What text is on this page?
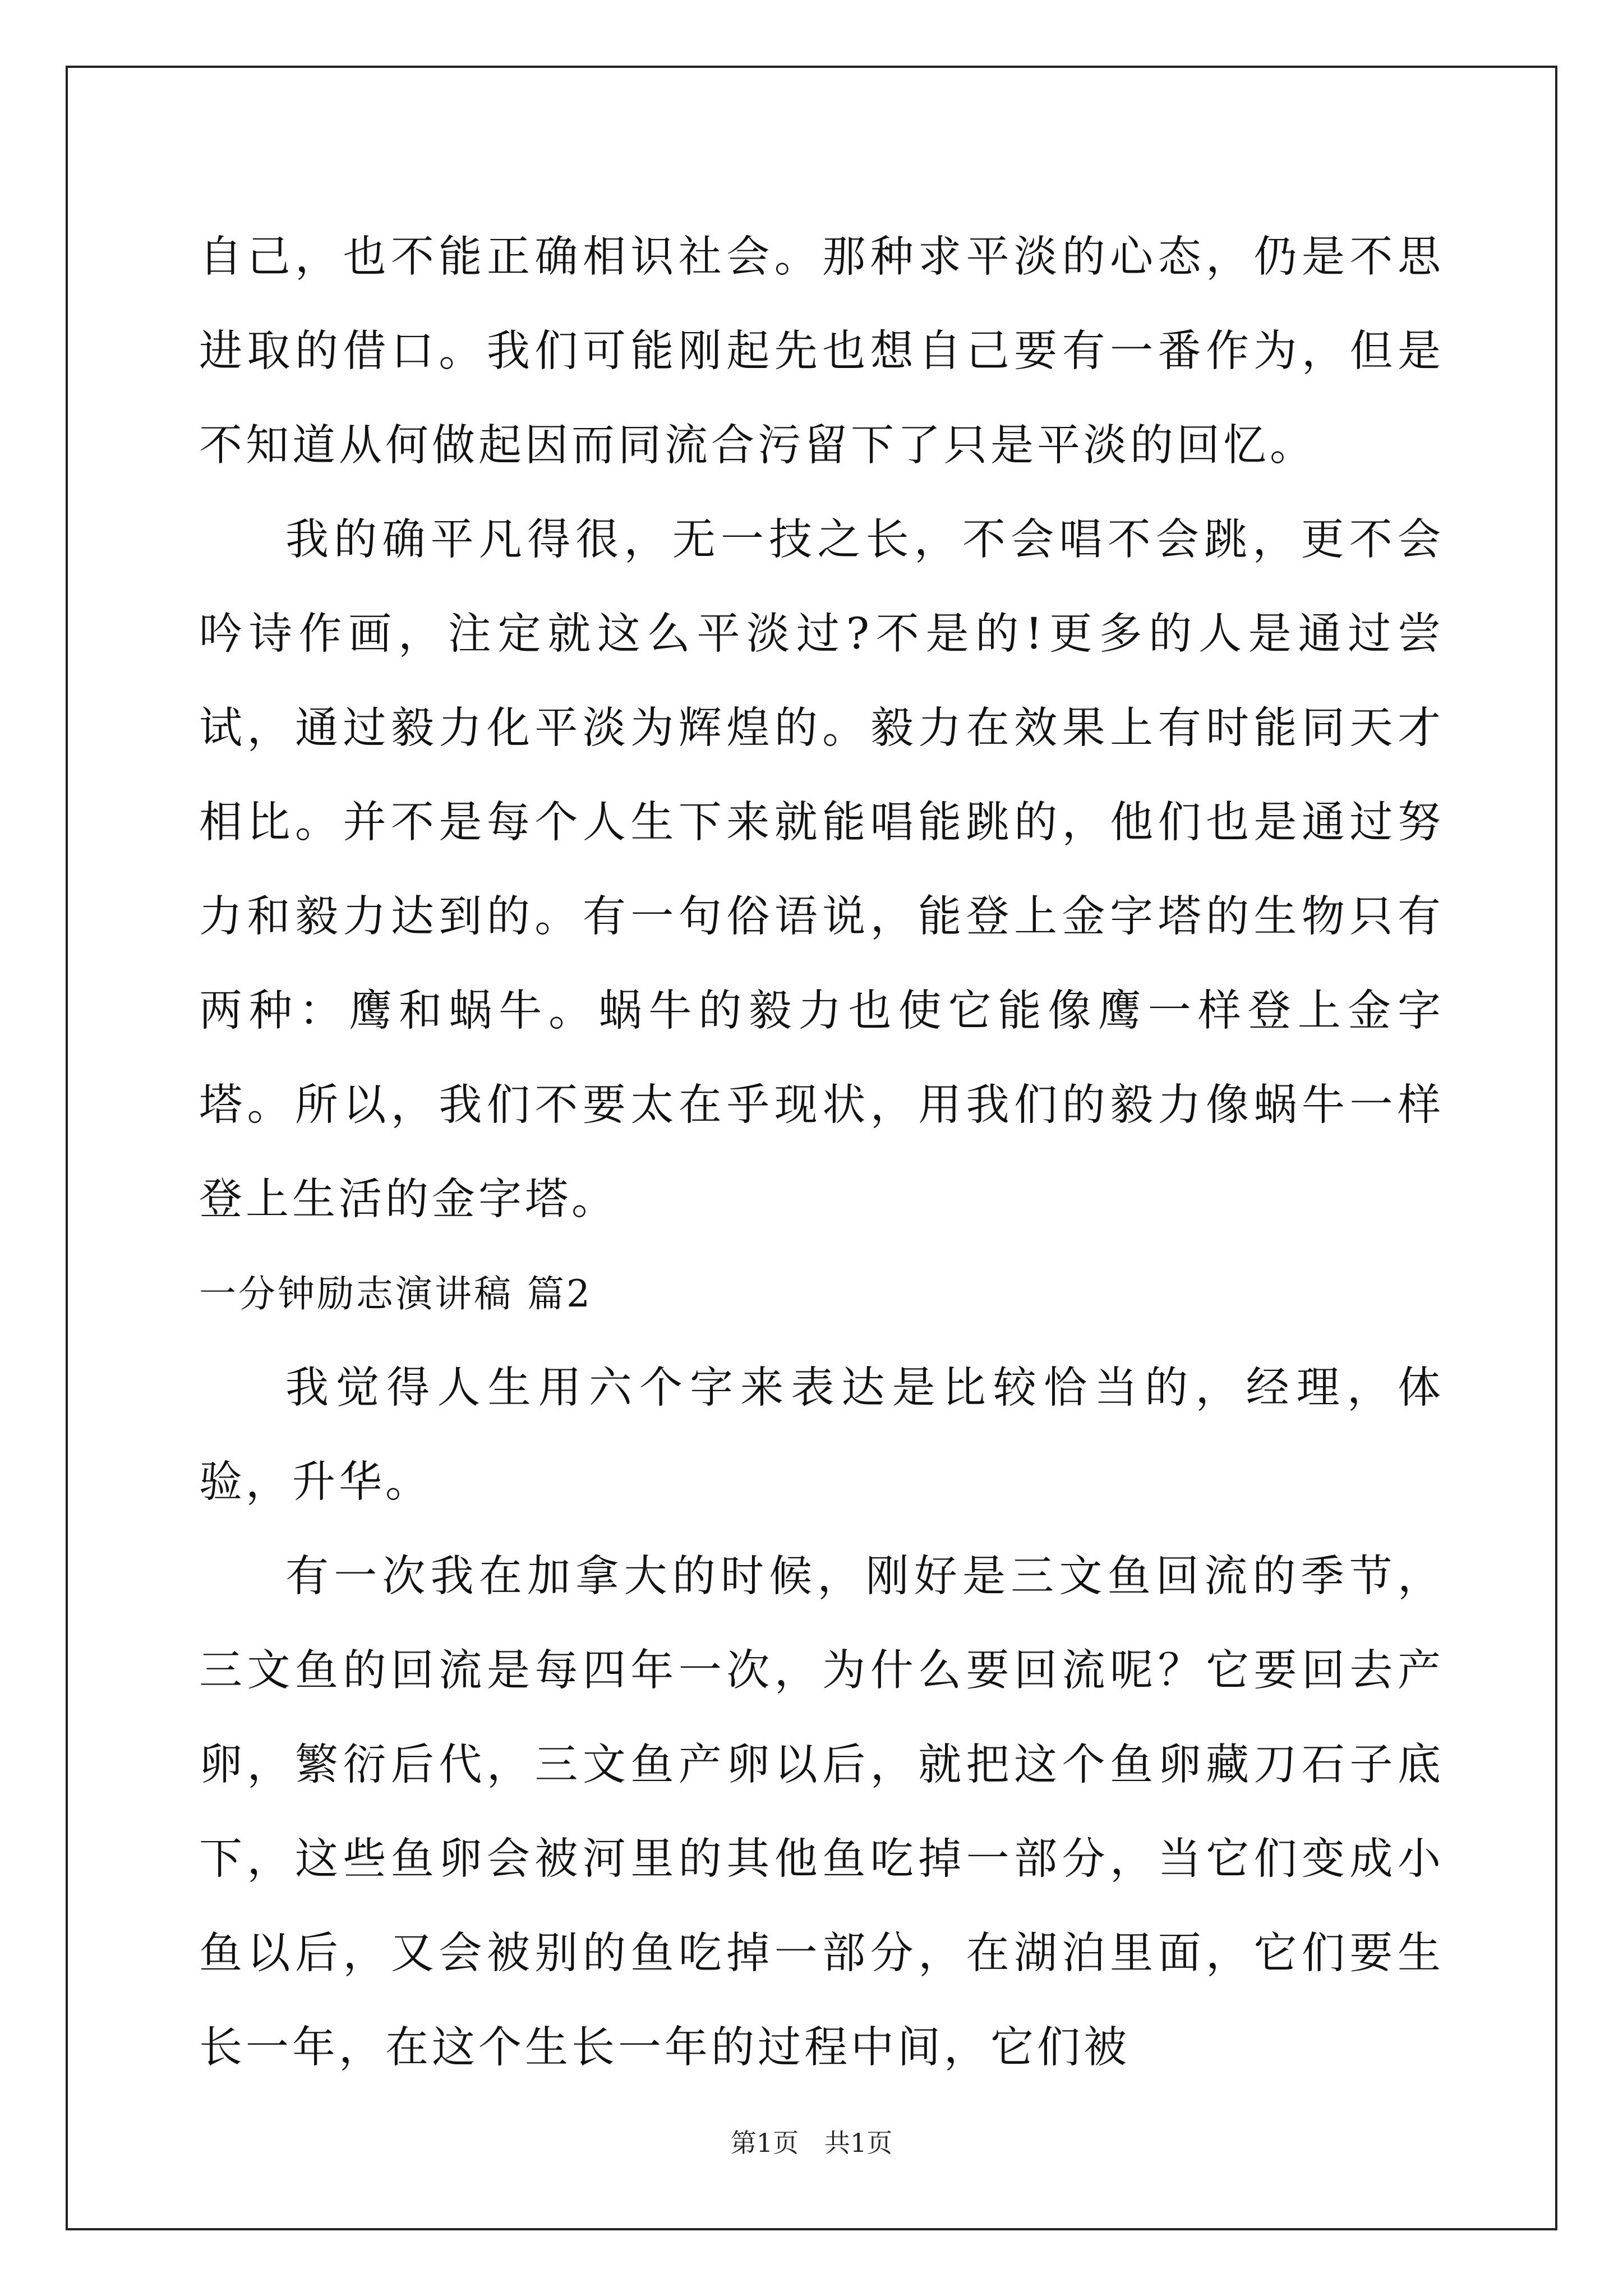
自己，也不能正确相识社会。那种求平淡的心态，仍是不思进取的借口。我们可能刚起先也想自己要有一番作为，但是不知道从何做起因而同流合污留下了只是平淡的回忆。

我的确平凡得很，无一技之长，不会唱不会跳，更不会吟诗作画，注定就这么平淡过?不是的!更多的人是通过尝试，通过毅力化平淡为辉煌的。毅力在效果上有时能同天才相比。并不是每个人生下来就能唱能跳的，他们也是通过努力和毅力达到的。有一句俗语说，能登上金字塔的生物只有两种：鹰和蜗牛。蜗牛的毅力也使它能像鹰一样登上金字塔。所以，我们不要太在乎现状，用我们的毅力像蜗牛一样登上生活的金字塔。

一分钟励志演讲稿 篇2

我觉得人生用六个字来表达是比较恰当的，经理，体验，升华。

有一次我在加拿大的时候，刚好是三文鱼回流的季节，三文鱼的回流是每四年一次，为什么要回流呢？它要回去产卵，繁衍后代，三文鱼产卵以后，就把这个鱼卵藏刀石子底下，这些鱼卵会被河里的其他鱼吃掉一部分，当它们变成小鱼以后，又会被别的鱼吃掉一部分，在湖泊里面，它们要生长一年，在这个生长一年的过程中间，它们被

第1页　共1页
